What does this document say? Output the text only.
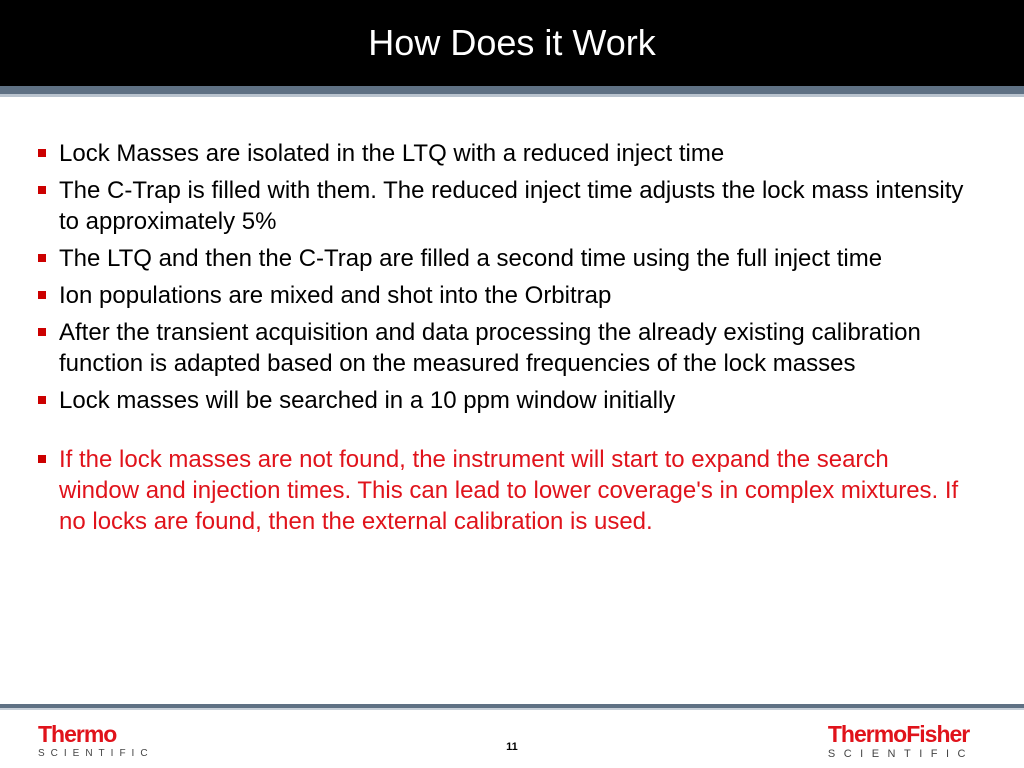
How Does it Work
Lock Masses are isolated in the LTQ with a reduced inject time
The C-Trap is filled with them. The reduced inject time adjusts the lock mass intensity to approximately 5%
The LTQ and then the C-Trap are filled a second time using the full inject time
Ion populations are mixed and shot into the Orbitrap
After the transient acquisition and data processing the already existing calibration function is adapted based on the measured frequencies of the lock masses
Lock masses will be searched in a 10 ppm window initially
If the lock masses are not found, the instrument will start to expand the search window and injection times. This can lead to lower coverage's in complex mixtures. If no locks are found, then the external calibration is used.
Thermo
SCIENTIFIC
11	ThermoFisher
SCIENTIFIC
